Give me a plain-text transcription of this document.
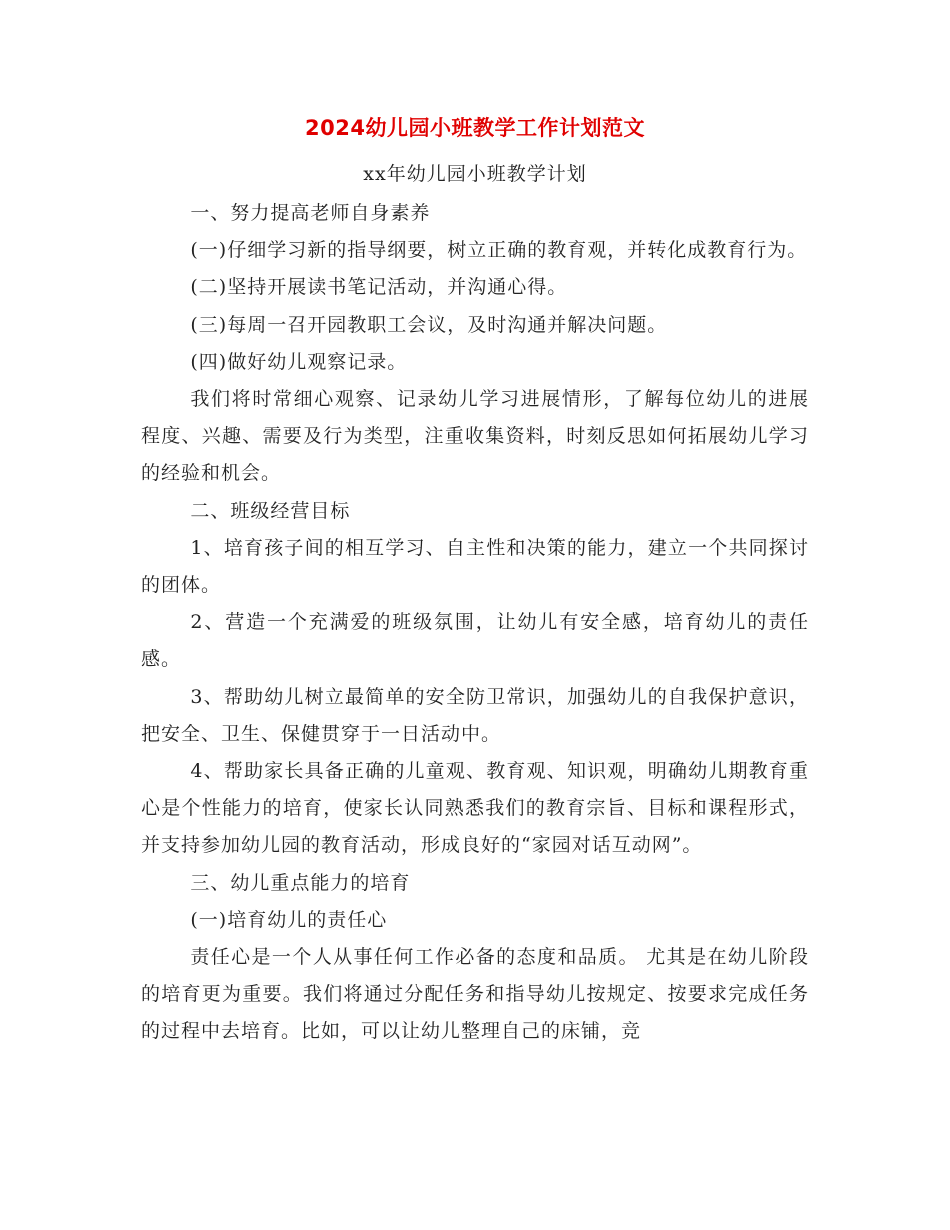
2024幼儿园小班教学工作计划范文
xx年幼儿园小班教学计划

一、努力提高老师自身素养

(一)仔细学习新的指导纲要，树立正确的教育观，并转化成教育行为。

(二)坚持开展读书笔记活动，并沟通心得。

(三)每周一召开园教职工会议，及时沟通并解决问题。

(四)做好幼儿观察记录。

我们将时常细心观察、记录幼儿学习进展情形，了解每位幼儿的进展程度、兴趣、需要及行为类型，注重收集资料，时刻反思如何拓展幼儿学习的经验和机会。

二、班级经营目标

1、培育孩子间的相互学习、自主性和决策的能力，建立一个共同探讨的团体。

2、营造一个充满爱的班级氛围，让幼儿有安全感，培育幼儿的责任感。

3、帮助幼儿树立最简单的安全防卫常识，加强幼儿的自我保护意识，把安全、卫生、保健贯穿于一日活动中。

4、帮助家长具备正确的儿童观、教育观、知识观，明确幼儿期教育重心是个性能力的培育，使家长认同熟悉我们的教育宗旨、目标和课程形式，并支持参加幼儿园的教育活动，形成良好的“家园对话互动网”。

三、幼儿重点能力的培育

(一)培育幼儿的责任心

责任心是一个人从事任何工作必备的态度和品质。 尤其是在幼儿阶段的培育更为重要。我们将通过分配任务和指导幼儿按规定、按要求完成任务的过程中去培育。比如，可以让幼儿整理自己的床铺，竞
